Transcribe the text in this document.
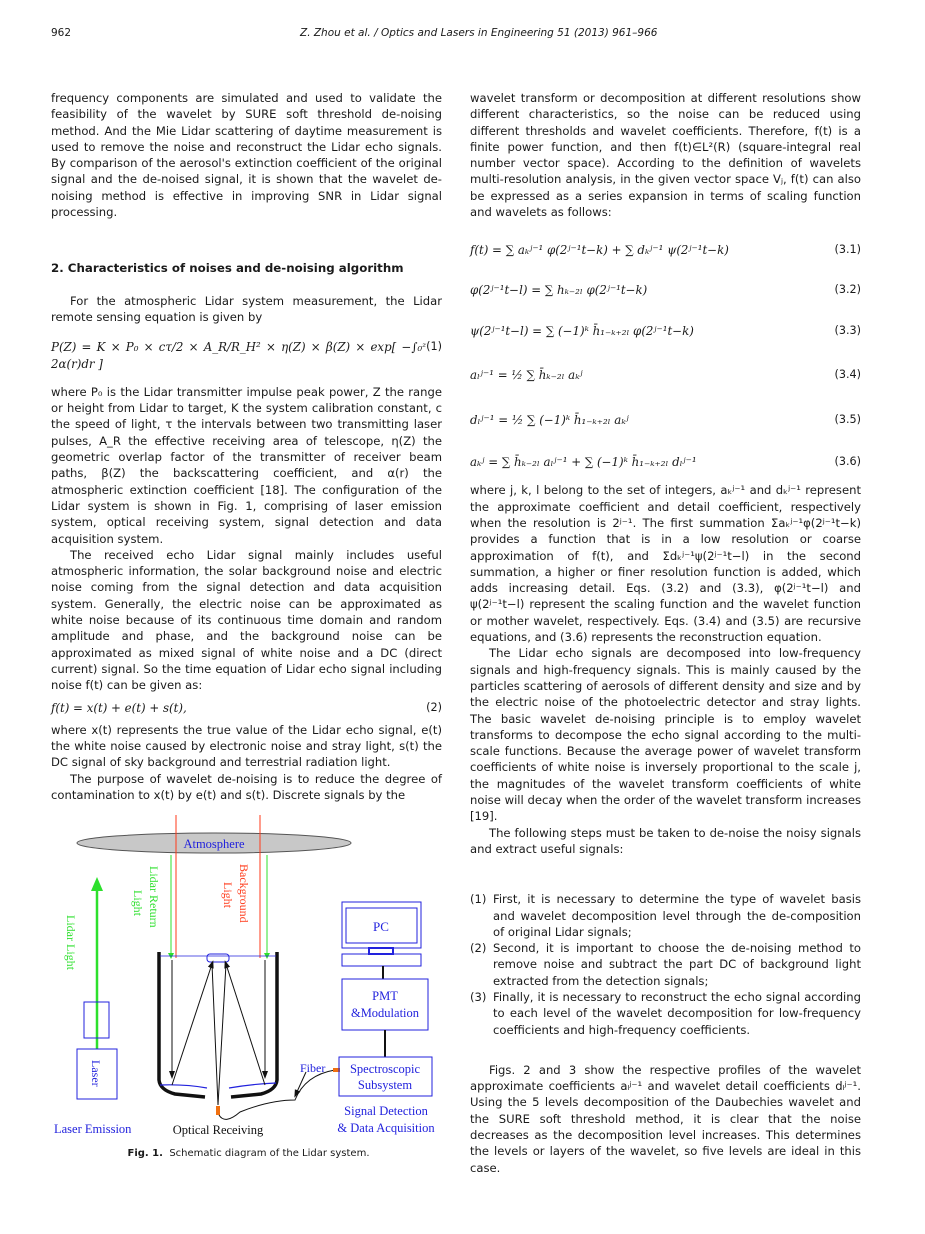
962	Z. Zhou et al. / Optics and Lasers in Engineering 51 (2013) 961–966

frequency components are simulated and used to validate the feasibility of the wavelet by SURE soft threshold de-noising method. And the Mie Lidar scattering of daytime measurement is used to remove the noise and reconstruct the Lidar echo signals. By comparison of the aerosol's extinction coefficient of the original signal and the de-noised signal, it is shown that the wavelet de-noising method is effective in improving SNR in Lidar signal processing.

2. Characteristics of noises and de-noising algorithm

For the atmospheric Lidar system measurement, the Lidar remote sensing equation is given by

P(Z) = K × P₀ × cτ/2 × A_R/R_H² × η(Z) × β(Z) × exp[ −∫₀ᶻ 2α(r)dr ]
(1)

where P₀ is the Lidar transmitter impulse peak power, Z the range or height from Lidar to target, K the system calibration constant, c the speed of light, τ the intervals between two transmitting laser pulses, A_R the effective receiving area of telescope, η(Z) the geometric overlap factor of the transmitter of receiver beam paths, β(Z) the backscattering coefficient, and α(r) the atmospheric extinction coefficient [18]. The configuration of the Lidar system is shown in Fig. 1, comprising of laser emission system, optical receiving system, signal detection and data acquisition system.

The received echo Lidar signal mainly includes useful atmospheric information, the solar background noise and electric noise coming from the signal detection and data acquisition system. Generally, the electric noise can be approximated as white noise because of its continuous time domain and random amplitude and phase, and the background noise can be approximated as mixed signal of white noise and a DC (direct current) signal. So the time equation of Lidar echo signal including noise f(t) can be given as:

f(t) = x(t) + e(t) + s(t),	(2)

where x(t) represents the true value of the Lidar echo signal, e(t) the white noise caused by electronic noise and stray light, s(t) the DC signal of sky background and terrestrial radiation light.

The purpose of wavelet de-noising is to reduce the degree of contamination to x(t) by e(t) and s(t). Discrete signals by the

Atmosphere
Lidar Return
Light	Background
Light
Lidar Light
Laser	Fiber
PC
PMT
&Modulation
Spectroscopic
Subsystem
Signal Detection
& Data Acquisition
Laser Emission	Optical Receiving
Fig. 1. Schematic diagram of the Lidar system.

wavelet transform or decomposition at different resolutions show different characteristics, so the noise can be reduced using different thresholds and wavelet coefficients. Therefore, f(t) is a finite power function, and then f(t)∈L²(R) (square-integral real number vector space). According to the definition of wavelets multi-resolution analysis, in the given vector space Vⱼ, f(t) can also be expressed as a series expansion in terms of scaling function and wavelets as follows:

f(t) = ∑ aₖʲ⁻¹ φ(2ʲ⁻¹t−k) + ∑ dₖʲ⁻¹ ψ(2ʲ⁻¹t−k)	(3.1)
φ(2ʲ⁻¹t−l) = ∑ hₖ₋₂ₗ φ(2ʲ⁻¹t−k)	(3.2)
ψ(2ʲ⁻¹t−l) = ∑ (−1)ᵏ h̄₁₋ₖ₊₂ₗ φ(2ʲ⁻¹t−k)	(3.3)
aₗʲ⁻¹ = ½ ∑ h̄ₖ₋₂ₗ aₖʲ	(3.4)
dₗʲ⁻¹ = ½ ∑ (−1)ᵏ h̄₁₋ₖ₊₂ₗ aₖʲ	(3.5)
aₖʲ = ∑ h̄ₖ₋₂ₗ aₗʲ⁻¹ + ∑ (−1)ᵏ h̄₁₋ₖ₊₂ₗ dₗʲ⁻¹	(3.6)

where j, k, l belong to the set of integers, aₖʲ⁻¹ and dₖʲ⁻¹ represent the approximate coefficient and detail coefficient, respectively when the resolution is 2ʲ⁻¹. The first summation Σaₖʲ⁻¹φ(2ʲ⁻¹t−k) provides a function that is in a low resolution or coarse approximation of f(t), and Σdₖʲ⁻¹ψ(2ʲ⁻¹t−l) in the second summation, a higher or finer resolution function is added, which adds increasing detail. Eqs. (3.2) and (3.3), φ(2ʲ⁻¹t−l) and ψ(2ʲ⁻¹t−l) represent the scaling function and the wavelet function or mother wavelet, respectively. Eqs. (3.4) and (3.5) are recursive equations, and (3.6) represents the reconstruction equation.

The Lidar echo signals are decomposed into low-frequency signals and high-frequency signals. This is mainly caused by the particles scattering of aerosols of different density and size and by the electric noise of the photoelectric detector and stray lights. The basic wavelet de-noising principle is to employ wavelet transforms to decompose the echo signal according to the multi-scale functions. Because the average power of wavelet transform coefficients of white noise is inversely proportional to the scale j, the magnitudes of the wavelet transform coefficients of white noise will decay when the order of the wavelet transform increases [19].

The following steps must be taken to de-noise the noisy signals and extract useful signals:

(1) First, it is necessary to determine the type of wavelet basis and wavelet decomposition level through the de-composition of original Lidar signals;
(2) Second, it is important to choose the de-noising method to remove noise and subtract the part DC of background light extracted from the detection signals;
(3) Finally, it is necessary to reconstruct the echo signal according to each level of the wavelet decomposition for low-frequency coefficients and high-frequency coefficients.

Figs. 2 and 3 show the respective profiles of the wavelet approximate coefficients aₗʲ⁻¹ and wavelet detail coefficients dₗʲ⁻¹. Using the 5 levels decomposition of the Daubechies wavelet and the SURE soft threshold method, it is clear that the noise decreases as the decomposition level increases. This determines the levels or layers of the wavelet, so five levels are ideal in this case.
